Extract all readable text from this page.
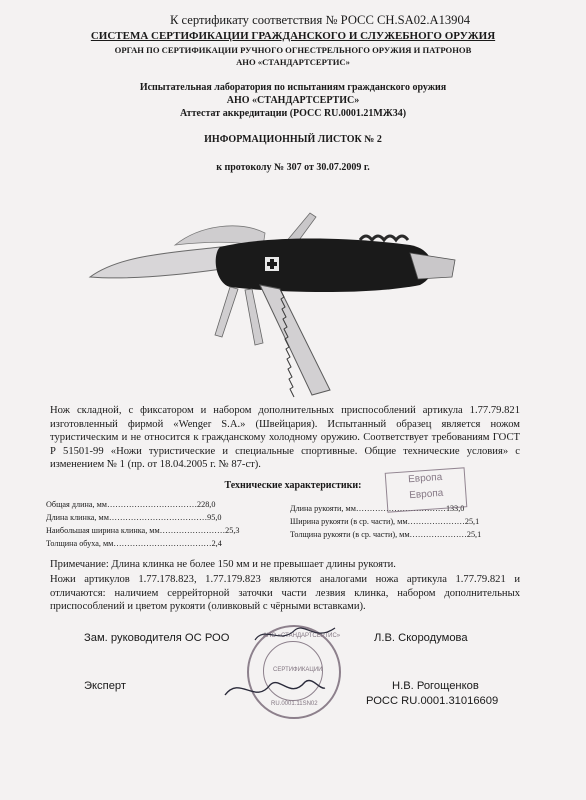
К сертификату соответствия № РОСС CH.SA02.A13904
СИСТЕМА СЕРТИФИКАЦИИ ГРАЖДАНСКОГО И СЛУЖЕБНОГО ОРУЖИЯ
ОРГАН ПО СЕРТИФИКАЦИИ РУЧНОГО ОГНЕСТРЕЛЬНОГО ОРУЖИЯ И ПАТРОНОВ
АНО «СТАНДАРТСЕРТИС»
Испытательная лаборатория по испытаниям гражданского оружия
АНО «СТАНДАРТСЕРТИС»
Аттестат аккредитации (РОСС RU.0001.21МЖ34)
ИНФОРМАЦИОННЫЙ ЛИСТОК № 2
к протоколу № 307 от 30.07.2009 г.
Нож складной, с фиксатором и набором дополнительных приспособлений артикула 1.77.79.821 изготовленный фирмой «Wenger S.A.» (Швейцария). Испытанный образец является ножом туристическим и не относится к гражданскому холодному оружию. Соответствует требованиям ГОСТ Р 51501-99 «Ножи туристические и специальные спортивные. Общие технические условия» с изменением № 1 (пр. от 18.04.2005 г. № 87-ст).
Технические характеристики:
Общая длина, мм……………………………228,0
Длина клинка, мм………………………………95,0
Наибольшая ширина клинка, мм……………………25,3
Толщина обуха, мм………………………………2,4
Длина рукояти, мм……………………………133,0
Ширина рукояти (в ср. части), мм…………………25,1
Толщина рукояти (в ср. части), мм…………………25,1
Европа
Европа
Примечание: Длина клинка не более 150 мм и не превышает длины рукояти.
Ножи артикулов 1.77.178.823, 1.77.179.823 являются аналогами ножа артикула 1.77.79.821 и отличаются: наличием серрейторной заточки части лезвия клинка, набором дополнительных приспособлений и цветом рукояти (оливковый с чёрными вставками).
Зам. руководителя ОС РОО	Л.В. Скородумова
Эксперт	Н.В. Рогощенков
РОСС RU.0001.31016609
АНО «СТАНДАРТСЕРТИС»
СЕРТИФИКАЦИИ
RU.0001.11SN02
